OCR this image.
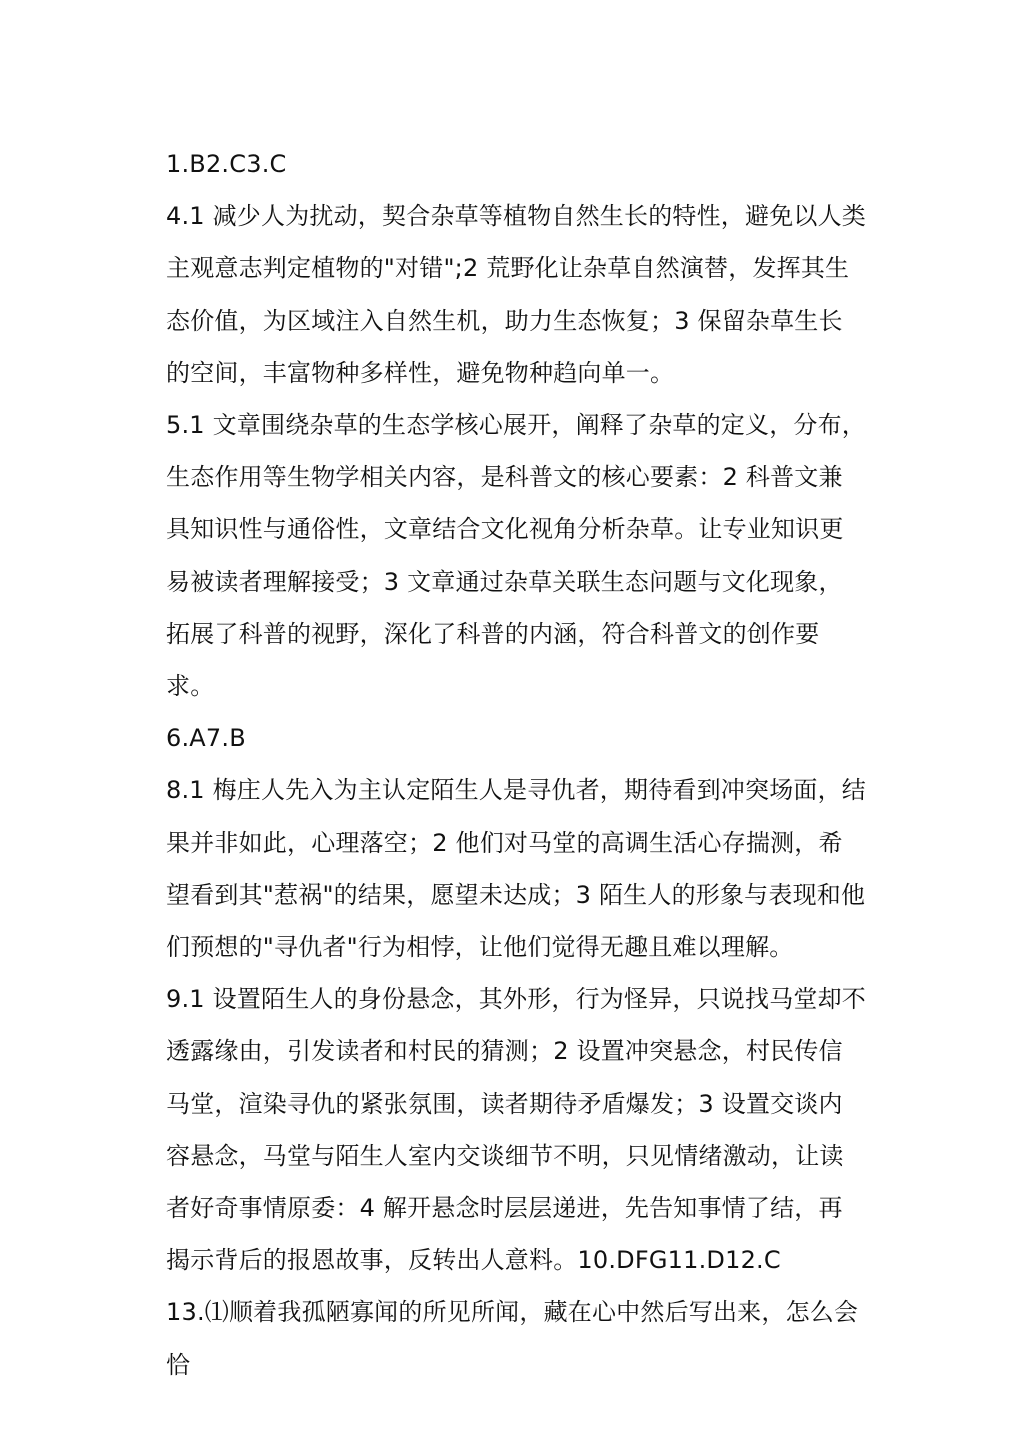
1.B2.C3.C

4.1 减少人为扰动，契合杂草等植物自然生长的特性，避免以人类主观意志判定植物的"对错";2 荒野化让杂草自然演替，发挥其生态价值，为区域注入自然生机，助力生态恢复；3 保留杂草生长的空间，丰富物种多样性，避免物种趋向单一。

5.1 文章围绕杂草的生态学核心展开，阐释了杂草的定义，分布，生态作用等生物学相关内容，是科普文的核心要素：2 科普文兼具知识性与通俗性，文章结合文化视角分析杂草。让专业知识更易被读者理解接受；3 文章通过杂草关联生态问题与文化现象，拓展了科普的视野，深化了科普的内涵，符合科普文的创作要求。

6.A7.B

8.1 梅庄人先入为主认定陌生人是寻仇者，期待看到冲突场面，结果并非如此，心理落空；2 他们对马堂的高调生活心存揣测，希望看到其"惹祸"的结果，愿望未达成；3 陌生人的形象与表现和他们预想的"寻仇者"行为相悖，让他们觉得无趣且难以理解。

9.1 设置陌生人的身份悬念，其外形，行为怪异，只说找马堂却不透露缘由，引发读者和村民的猜测；2 设置冲突悬念，村民传信马堂，渲染寻仇的紧张氛围，读者期待矛盾爆发；3 设置交谈内容悬念，马堂与陌生人室内交谈细节不明，只见情绪激动，让读者好奇事情原委：4 解开悬念时层层递进，先告知事情了结，再揭示背后的报恩故事，反转出人意料。10.DFG11.D12.C

13.⑴顺着我孤陋寡闻的所见所闻，藏在心中然后写出来，怎么会恰
